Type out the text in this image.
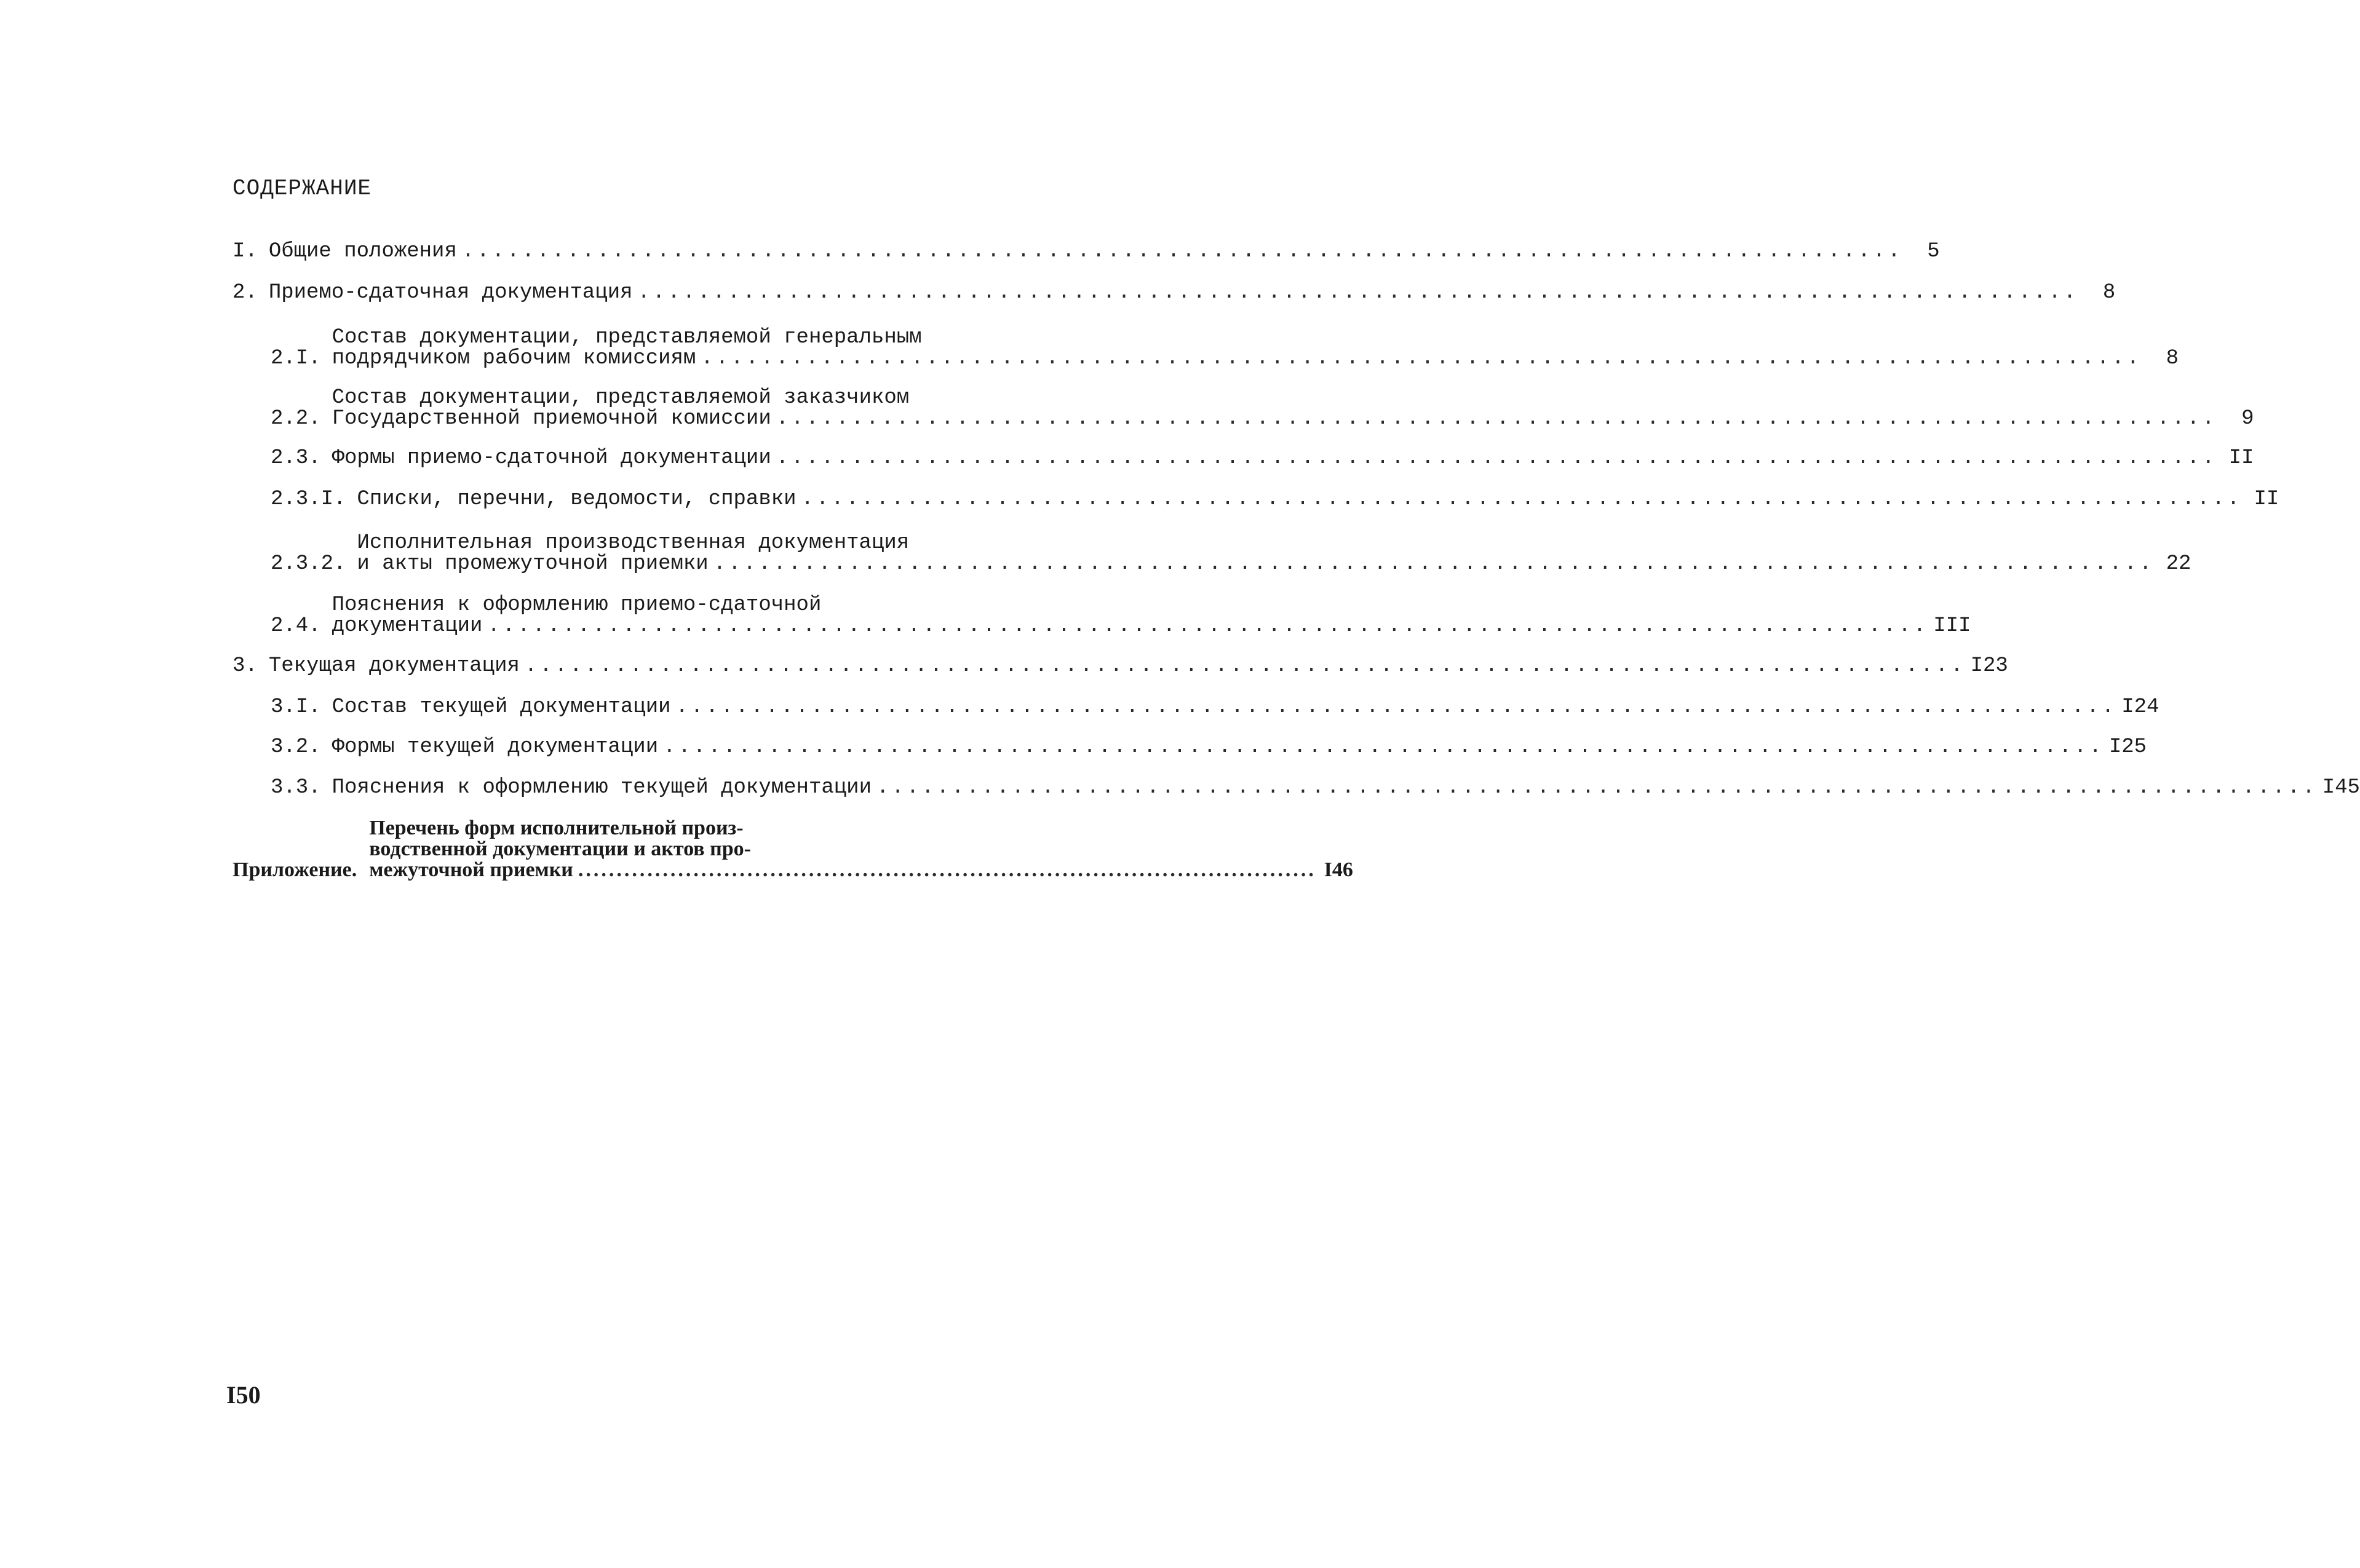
СОДЕРЖАНИЕ
I. Общие положения ................................................................................................	5
2. Приемо-сдаточная документация ................................................................................................	8
2.I.
Состав документации, представляемой генеральным
подрядчиком рабочим комиссиям ................................................................................................	8
2.2.
Состав документации, представляемой заказчиком
Государственной приемочной комиссии ................................................................................................	9
2.3. Формы приемо-сдаточной документации ................................................................................................ II
2.3.I. Списки, перечни, ведомости, справки ................................................................................................ II
2.3.2.
Исполнительная производственная документация
и акты промежуточной приемки ................................................................................................ 22
2.4.
Пояснения к оформлению приемо-сдаточной
документации ................................................................................................ III
3. Текущая документация ................................................................................................ I23
3.I. Состав текущей документации ................................................................................................ I24
3.2. Формы текущей документации ................................................................................................ I25
3.3. Пояснения к оформлению текущей документации ................................................................................................ I45
Приложение.
Перечень форм исполнительной произ-
водственной документации и актов про-
межуточной приемки ................................................................................................ I46
I50
